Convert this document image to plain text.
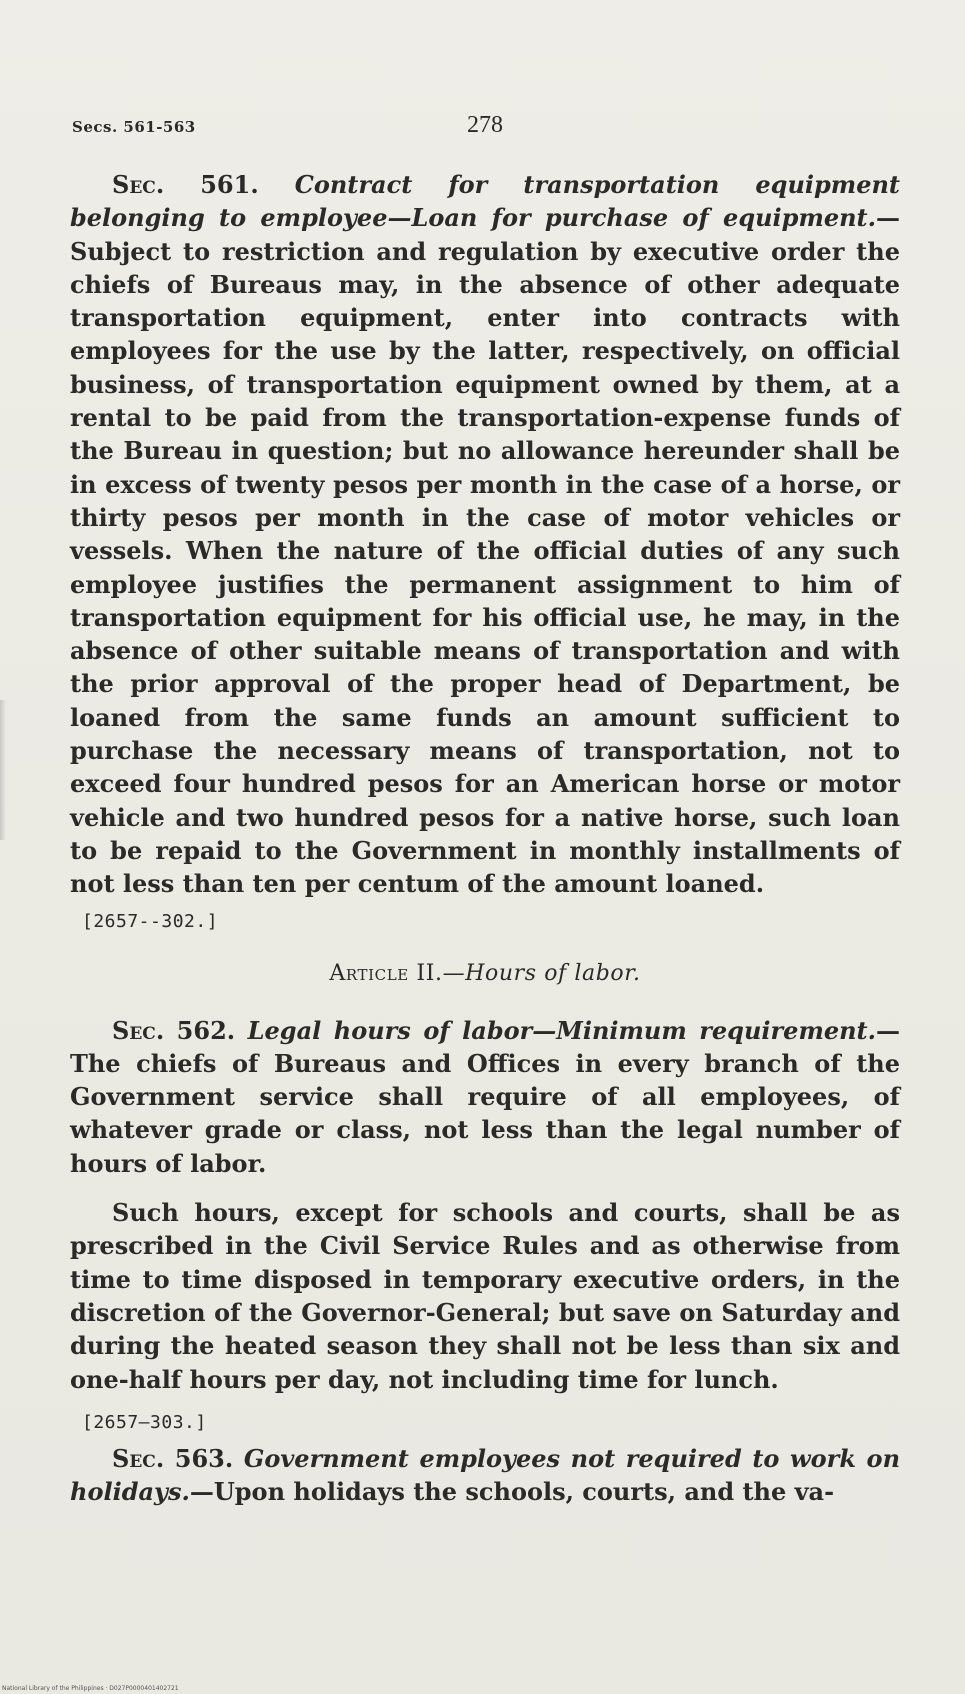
Secs. 561-563	278

Sec. 561. Contract for transportation equipment belonging to employee—Loan for purchase of equipment.—Subject to restriction and regulation by executive order the chiefs of Bureaus may, in the absence of other adequate transportation equipment, enter into contracts with employees for the use by the latter, respectively, on official business, of transportation equipment owned by them, at a rental to be paid from the transportation-expense funds of the Bureau in question; but no allowance hereunder shall be in excess of twenty pesos per month in the case of a horse, or thirty pesos per month in the case of motor vehicles or vessels. When the nature of the official duties of any such employee justifies the permanent assignment to him of transportation equipment for his official use, he may, in the absence of other suitable means of transportation and with the prior approval of the proper head of Department, be loaned from the same funds an amount sufficient to purchase the necessary means of transportation, not to exceed four hundred pesos for an American horse or motor vehicle and two hundred pesos for a native horse, such loan to be repaid to the Government in monthly installments of not less than ten per centum of the amount loaned.

[2657--302.]

Article II.—Hours of labor.

Sec. 562. Legal hours of labor—Minimum requirement.— The chiefs of Bureaus and Offices in every branch of the Government service shall require of all employees, of whatever grade or class, not less than the legal number of hours of labor.

Such hours, except for schools and courts, shall be as prescribed in the Civil Service Rules and as otherwise from time to time disposed in temporary executive orders, in the discretion of the Governor-General; but save on Saturday and during the heated season they shall not be less than six and one-half hours per day, not including time for lunch.

[2657—303.]

Sec. 563. Government employees not required to work on holidays.—Upon holidays the schools, courts, and the va-

National Library of the Philippines · D027P0000401402721
